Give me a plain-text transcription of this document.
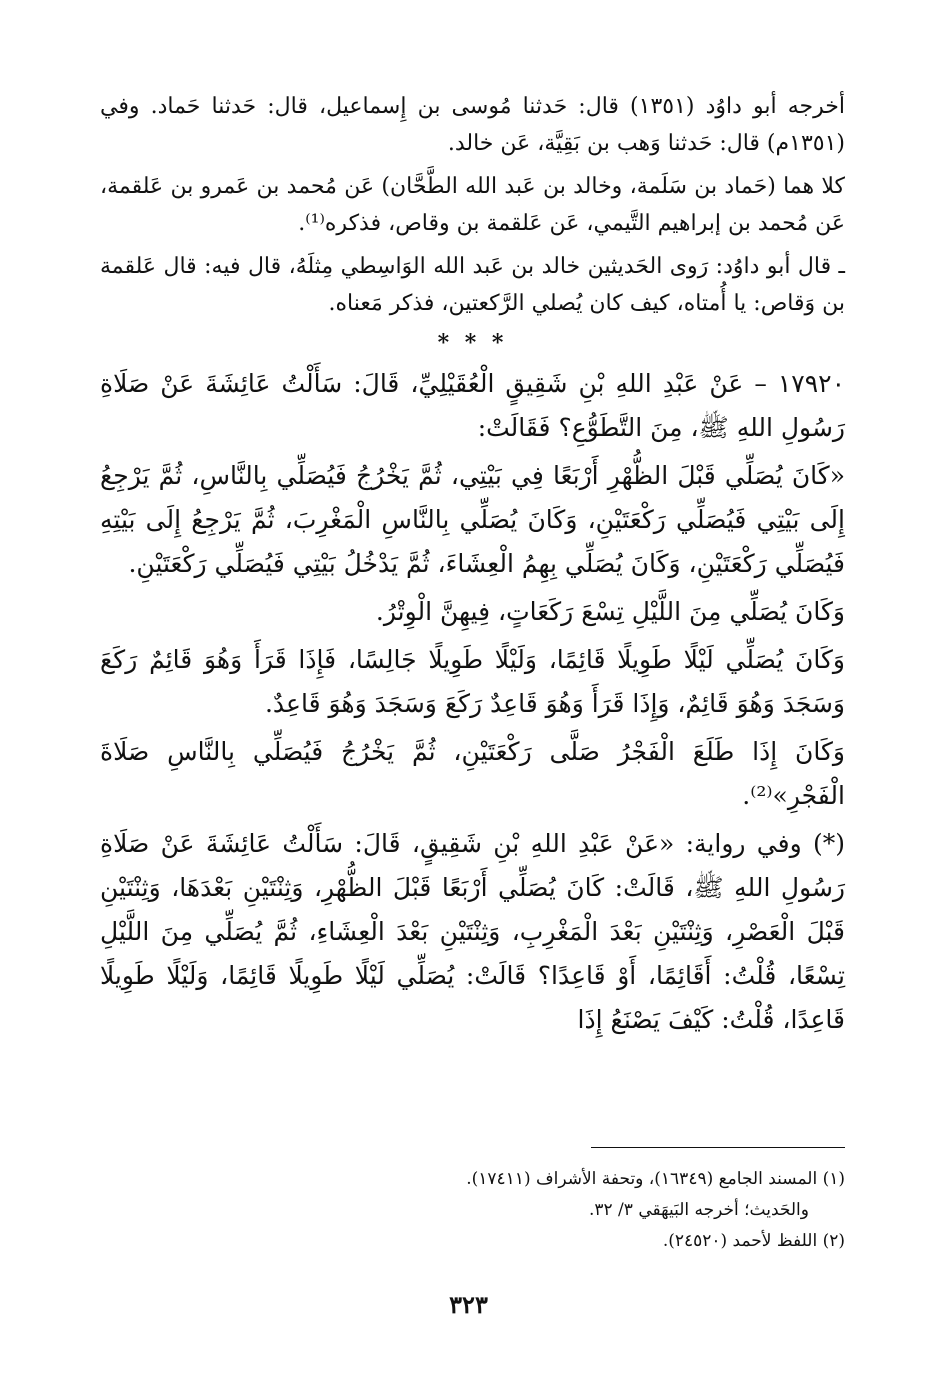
أخرجه أبو داوُد (١٣٥١) قال: حَدثنا مُوسى بن إِسماعيل، قال: حَدثنا حَماد. وفي (١٣٥١م) قال: حَدثنا وَهب بن بَقِيَّة، عَن خالد.

كلا هما (حَماد بن سَلَمة، وخالد بن عَبد الله الطَّحَّان) عَن مُحمد بن عَمرو بن عَلقمة، عَن مُحمد بن إبراهيم التَّيمي، عَن عَلقمة بن وقاص، فذكره⁽¹⁾.

ـ قال أبو داوُد: رَوى الحَديثين خالد بن عَبد الله الوَاسِطي مِثلَهُ، قال فيه: قال عَلقمة بن وَقاص: يا أُمتاه، كيف كان يُصلي الرَّكعتين، فذكر مَعناه.

* * *

١٧٩٢٠ – عَنْ عَبْدِ اللهِ بْنِ شَقِيقٍ الْعُقَيْلِيِّ، قَالَ: سَأَلْتُ عَائِشَةَ عَنْ صَلَاةِ رَسُولِ اللهِ ﷺ، مِنَ التَّطَوُّعِ؟ فَقَالَتْ:

«كَانَ يُصَلِّي قَبْلَ الظُّهْرِ أَرْبَعًا فِي بَيْتِي، ثُمَّ يَخْرُجُ فَيُصَلِّي بِالنَّاسِ، ثُمَّ يَرْجِعُ إِلَى بَيْتِي فَيُصَلِّي رَكْعَتَيْنِ، وَكَانَ يُصَلِّي بِالنَّاسِ الْمَغْرِبَ، ثُمَّ يَرْجِعُ إِلَى بَيْتِهِ فَيُصَلِّي رَكْعَتَيْنِ، وَكَانَ يُصَلِّي بِهِمُ الْعِشَاءَ، ثُمَّ يَدْخُلُ بَيْتِي فَيُصَلِّي رَكْعَتَيْنِ.

وَكَانَ يُصَلِّي مِنَ اللَّيْلِ تِسْعَ رَكَعَاتٍ، فِيهِنَّ الْوِتْرُ.

وَكَانَ يُصَلِّي لَيْلًا طَوِيلًا قَائِمًا، وَلَيْلًا طَوِيلًا جَالِسًا، فَإِذَا قَرَأَ وَهُوَ قَائِمٌ رَكَعَ وَسَجَدَ وَهُوَ قَائِمٌ، وَإِذَا قَرَأَ وَهُوَ قَاعِدٌ رَكَعَ وَسَجَدَ وَهُوَ قَاعِدٌ.

وَكَانَ إِذَا طَلَعَ الْفَجْرُ صَلَّى رَكْعَتَيْنِ، ثُمَّ يَخْرُجُ فَيُصَلِّي بِالنَّاسِ صَلَاةَ الْفَجْرِ»⁽²⁾.

(*) وفي رواية: «عَنْ عَبْدِ اللهِ بْنِ شَقِيقٍ، قَالَ: سَأَلْتُ عَائِشَةَ عَنْ صَلَاةِ رَسُولِ اللهِ ﷺ، قَالَتْ: كَانَ يُصَلِّي أَرْبَعًا قَبْلَ الظُّهْرِ، وَثِنْتَيْنِ بَعْدَهَا، وَثِنْتَيْنِ قَبْلَ الْعَصْرِ، وَثِنْتَيْنِ بَعْدَ الْمَغْرِبِ، وَثِنْتَيْنِ بَعْدَ الْعِشَاءِ، ثُمَّ يُصَلِّي مِنَ اللَّيْلِ تِسْعًا، قُلْتُ: أَقَائِمًا، أَوْ قَاعِدًا؟ قَالَتْ: يُصَلِّي لَيْلًا طَوِيلًا قَائِمًا، وَلَيْلًا طَوِيلًا قَاعِدًا، قُلْتُ: كَيْفَ يَصْنَعُ إِذَا

(١) المسند الجامع (١٦٣٤٩)، وتحفة الأشراف (١٧٤١١).

والحَديث؛ أخرجه البَيهَقي ٣/ ٣٢.

(٢) اللفظ لأحمد (٢٤٥٢٠).

٣٢٣
